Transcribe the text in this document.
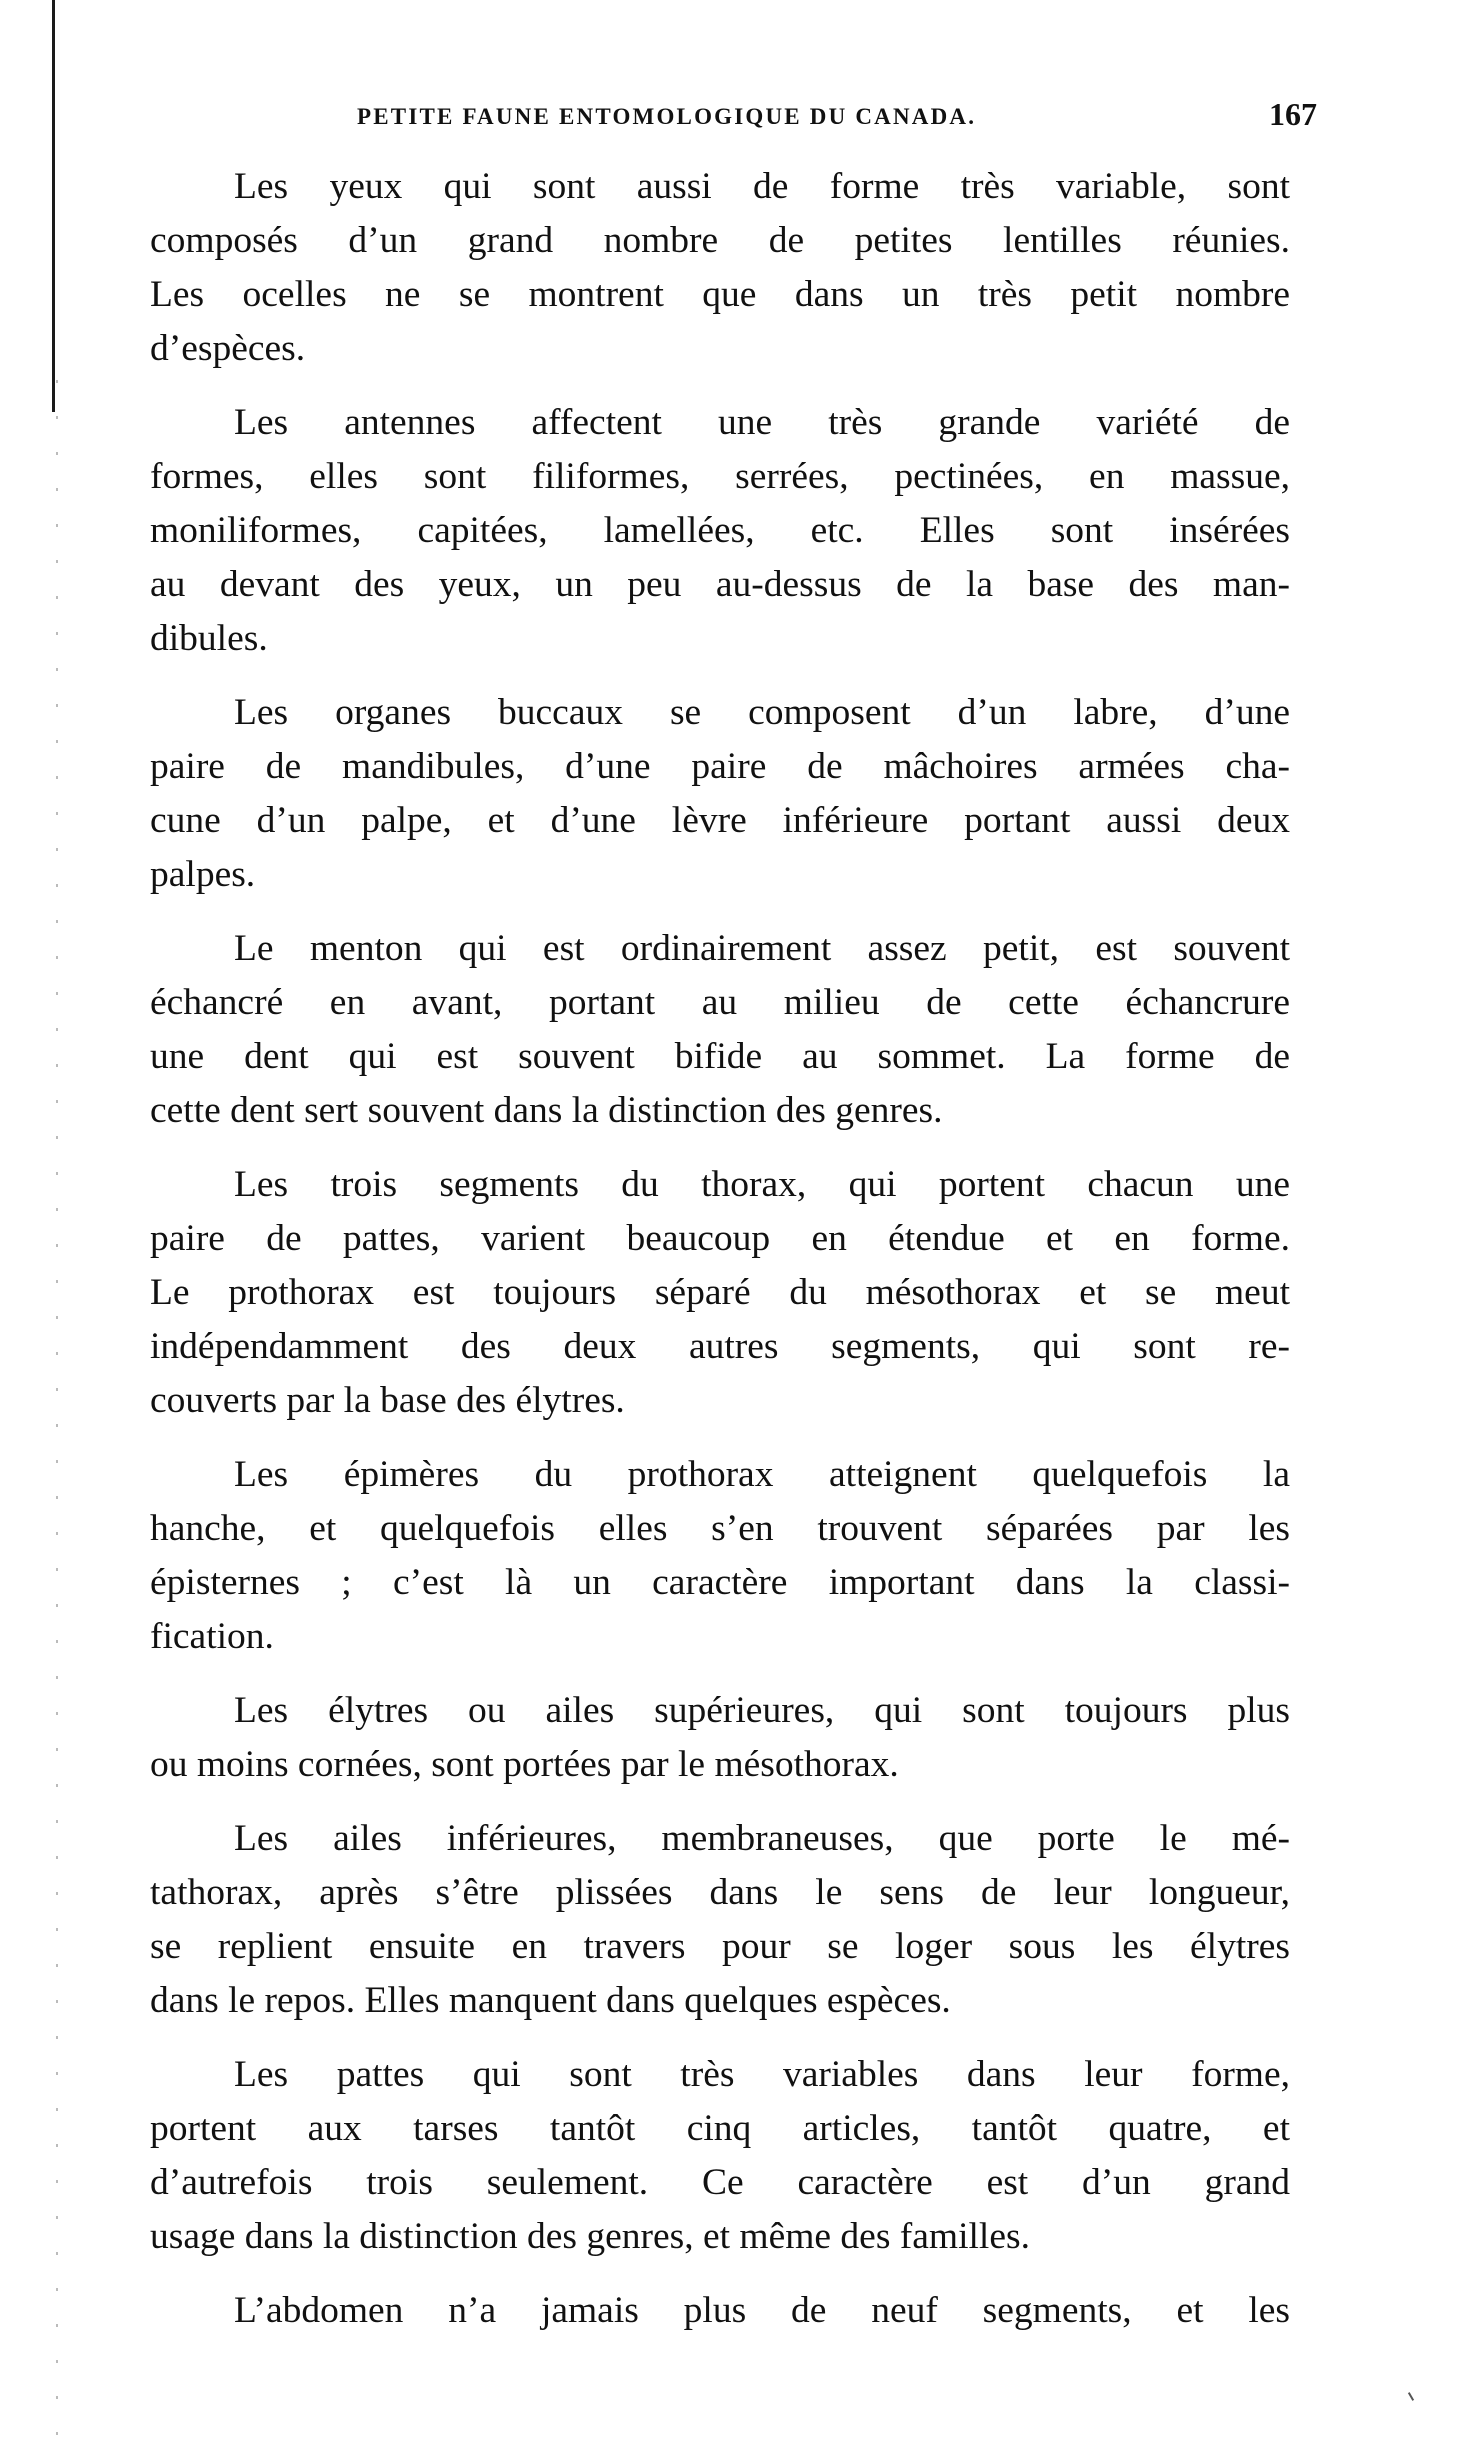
PETITE FAUNE ENTOMOLOGIQUE DU CANADA.	167
Les yeux qui sont aussi de forme très variable, sont
composés d’un grand nombre de petites lentilles réunies.
Les ocelles ne se montrent que dans un très petit nombre
d’espèces.
Les antennes affectent une très grande variété de
formes, elles sont filiformes, serrées, pectinées, en massue,
moniliformes, capitées, lamellées, etc. Elles sont insérées
au devant des yeux, un peu au-dessus de la base des man-
dibules.
Les organes buccaux se composent d’un labre, d’une
paire de mandibules, d’une paire de mâchoires armées cha-
cune d’un palpe, et d’une lèvre inférieure portant aussi deux
palpes.
Le menton qui est ordinairement assez petit, est souvent
échancré en avant, portant au milieu de cette échancrure
une dent qui est souvent bifide au sommet. La forme de
cette dent sert souvent dans la distinction des genres.
Les trois segments du thorax, qui portent chacun une
paire de pattes, varient beaucoup en étendue et en forme.
Le prothorax est toujours séparé du mésothorax et se meut
indépendamment des deux autres segments, qui sont re-
couverts par la base des élytres.
Les épimères du prothorax atteignent quelquefois la
hanche, et quelquefois elles s’en trouvent séparées par les
épisternes ; c’est là un caractère important dans la classi-
fication.
Les élytres ou ailes supérieures, qui sont toujours plus
ou moins cornées, sont portées par le mésothorax.
Les ailes inférieures, membraneuses, que porte le mé-
tathorax, après s’être plissées dans le sens de leur longueur,
se replient ensuite en travers pour se loger sous les élytres
dans le repos. Elles manquent dans quelques espèces.
Les pattes qui sont très variables dans leur forme,
portent aux tarses tantôt cinq articles, tantôt quatre, et
d’autrefois trois seulement. Ce caractère est d’un grand
usage dans la distinction des genres, et même des familles.
L’abdomen n’a jamais plus de neuf segments, et les
